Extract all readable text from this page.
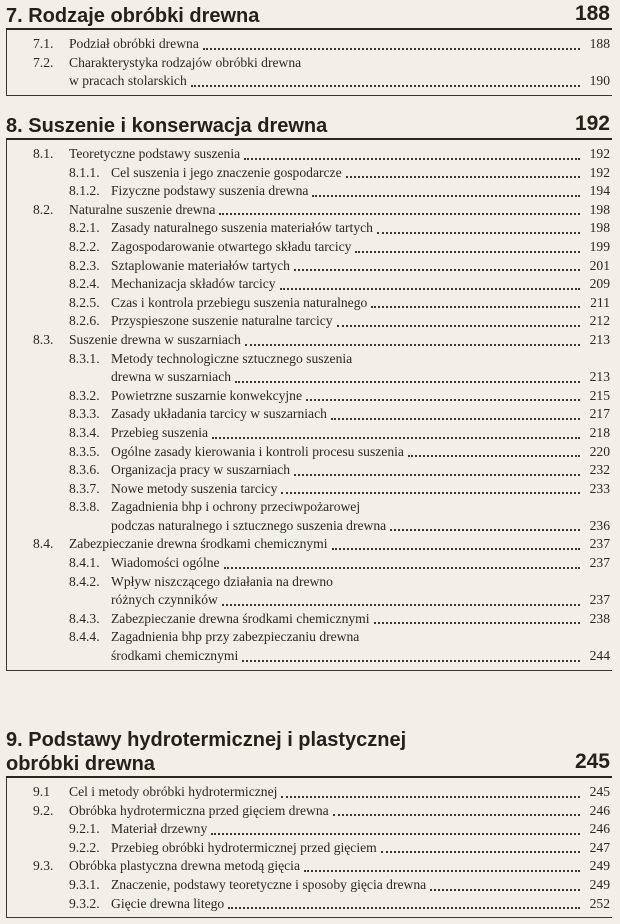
7. Rodzaje obróbki drewna	188
7.1.	Podział obróbki drewna	188
7.2.	Charakterystyka rodzajów obróbki drewna
w pracach stolarskich	190
8. Suszenie i konserwacja drewna	192
8.1.	Teoretyczne podstawy suszenia	192
8.1.1. Cel suszenia i jego znaczenie gospodarcze	192
8.1.2. Fizyczne podstawy suszenia drewna	194
8.2.	Naturalne suszenie drewna	198
8.2.1. Zasady naturalnego suszenia materiałów tartych	198
8.2.2. Zagospodarowanie otwartego składu tarcicy	199
8.2.3. Sztaplowanie materiałów tartych	201
8.2.4. Mechanizacja składów tarcicy	209
8.2.5. Czas i kontrola przebiegu suszenia naturalnego	211
8.2.6. Przyspieszone suszenie naturalne tarcicy	212
8.3.	Suszenie drewna w suszarniach	213
8.3.1. Metody technologiczne sztucznego suszenia
drewna w suszarniach	213
8.3.2. Powietrzne suszarnie konwekcyjne	215
8.3.3. Zasady układania tarcicy w suszarniach	217
8.3.4. Przebieg suszenia	218
8.3.5. Ogólne zasady kierowania i kontroli procesu suszenia	220
8.3.6. Organizacja pracy w suszarniach	232
8.3.7. Nowe metody suszenia tarcicy	233
8.3.8. Zagadnienia bhp i ochrony przeciwpożarowej
podczas naturalnego i sztucznego suszenia drewna	236
8.4.	Zabezpieczanie drewna środkami chemicznymi	237
8.4.1. Wiadomości ogólne	237
8.4.2. Wpływ niszczącego działania na drewno
różnych czynników	237
8.4.3. Zabezpieczanie drewna środkami chemicznymi	238
8.4.4. Zagadnienia bhp przy zabezpieczaniu drewna
środkami chemicznymi	244
9. Podstawy hydrotermicznej i plastycznej
obróbki drewna	245
9.1	Cel i metody obróbki hydrotermicznej	245
9.2.	Obróbka hydrotermiczna przed gięciem drewna	246
9.2.1. Materiał drzewny	246
9.2.2. Przebieg obróbki hydrotermicznej przed gięciem	247
9.3.	Obróbka plastyczna drewna metodą gięcia	249
9.3.1. Znaczenie, podstawy teoretyczne i sposoby gięcia drewna	249
9.3.2. Gięcie drewna litego	252
